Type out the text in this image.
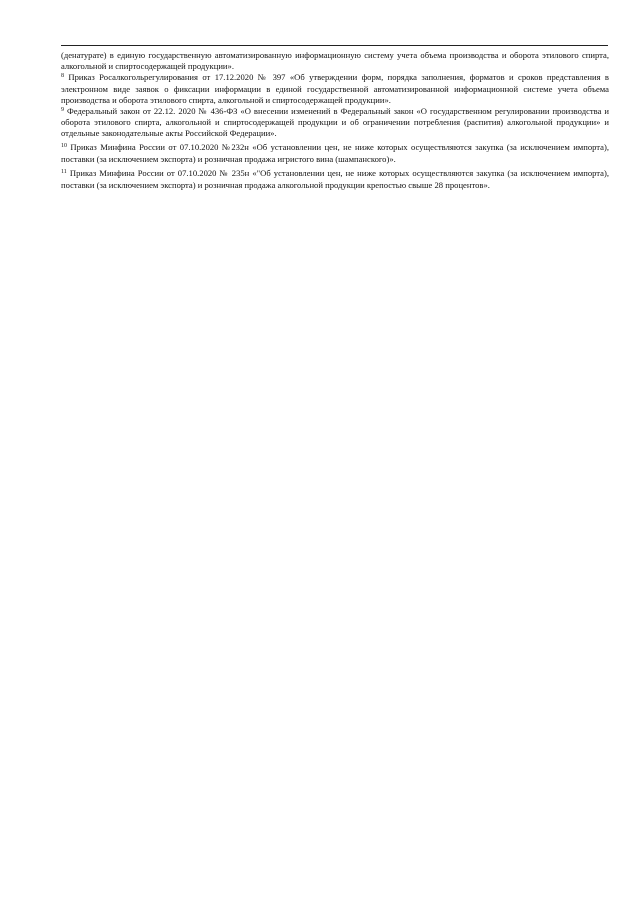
(денатурате) в единую государственную автоматизированную информационную систему учета объема производства и оборота этилового спирта, алкогольной и спиртосодержащей продукции».

$^8$ Приказ Росалкогольрегулирования от 17.12.2020 № 397 «Об утверждении форм, порядка заполнения, форматов и сроков представления в электронном виде заявок о фиксации информации в единой государственной автоматизированной информационной системе учета объема производства и оборота этилового спирта, алкогольной и спиртосодержащей продукции».

$^9$ Федеральный закон от 22.12. 2020 № 436-ФЗ «О внесении изменений в Федеральный закон «О государственном регулировании производства и оборота этилового спирта, алкогольной и спиртосодержащей продукции и об ограничении потребления (распития) алкогольной продукции» и отдельные законодательные акты Российской Федерации».

$^{10}$ Приказ Минфина России от 07.10.2020 №232н «Об установлении цен, не ниже которых осуществляются закупка (за исключением импорта), поставки (за исключением экспорта) и розничная продажа игристого вина (шампанского)».

$^{11}$ Приказ Минфина России от 07.10.2020 № 235н «"Об установлении цен, не ниже которых осуществляются закупка (за исключением импорта), поставки (за исключением экспорта) и розничная продажа алкогольной продукции крепостью свыше 28 процентов».
